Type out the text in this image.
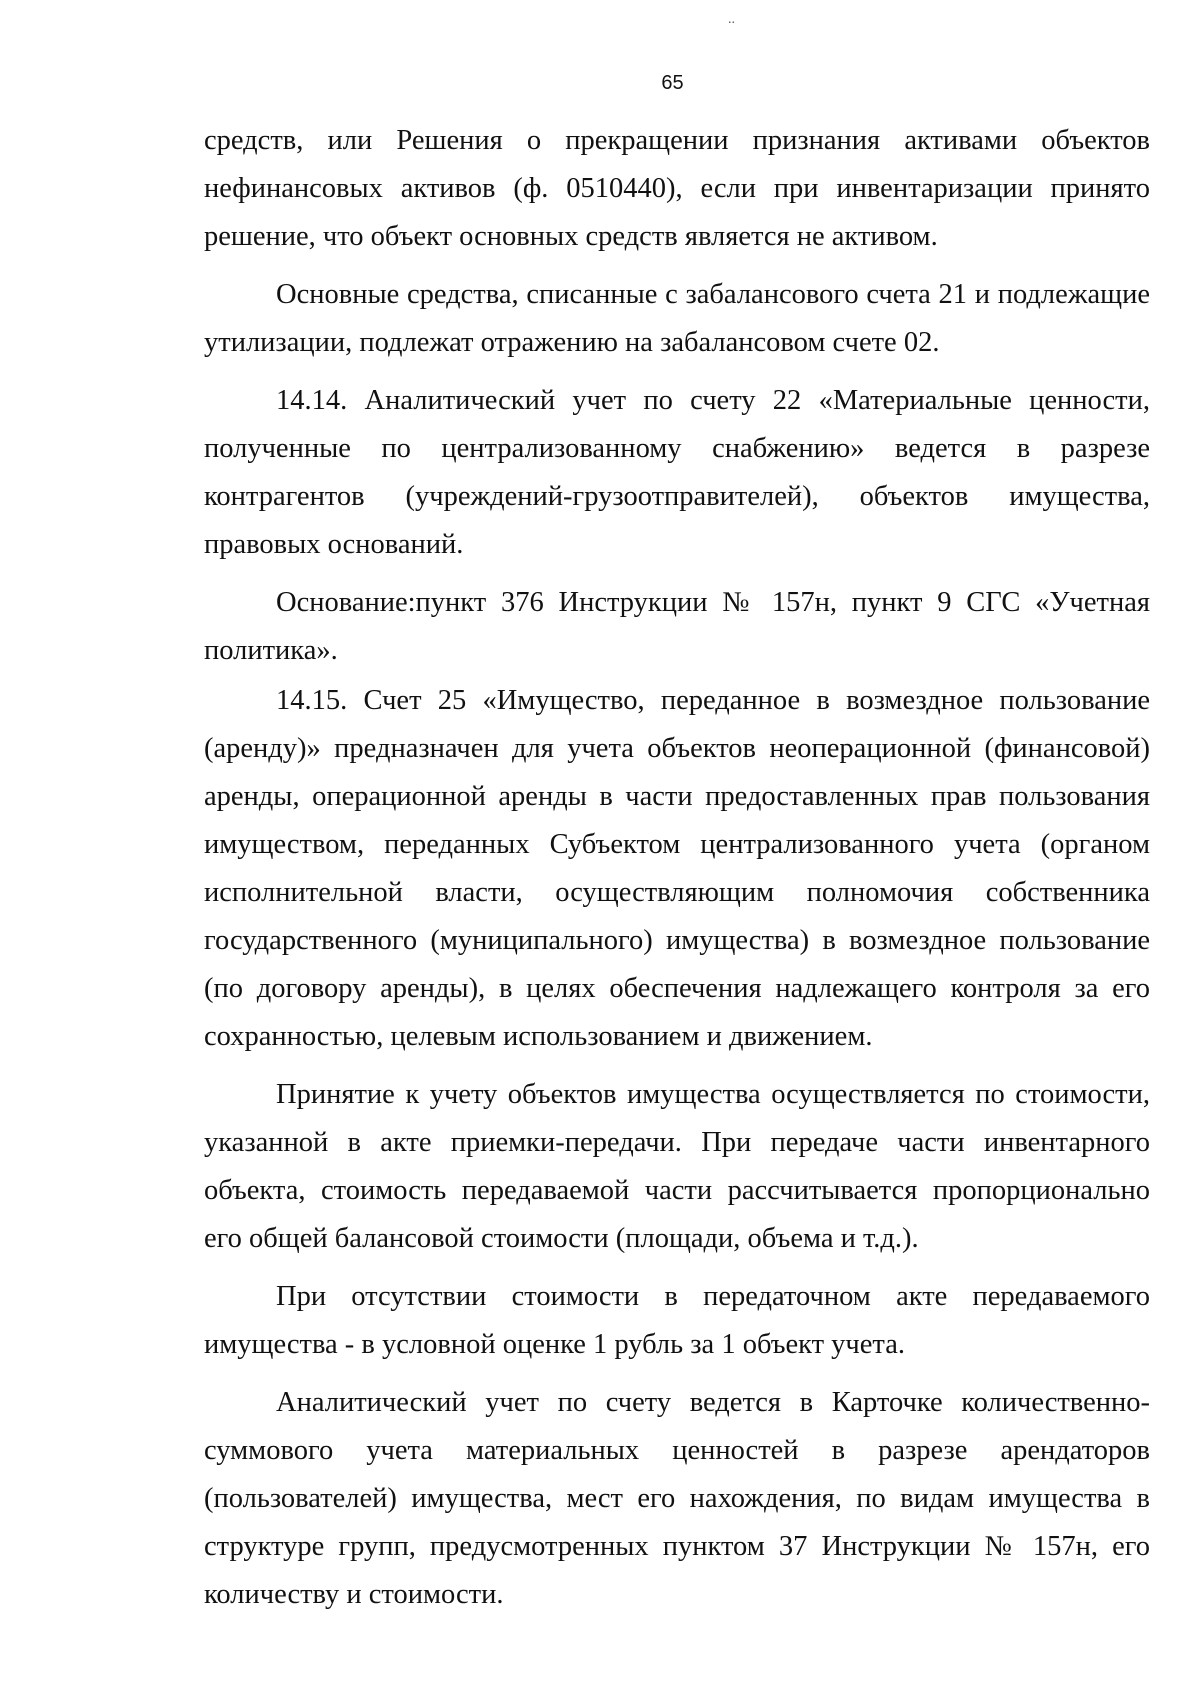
..
65

средств, или Решения о прекращении признания активами объектов нефинансовых активов (ф. 0510440), если при инвентаризации принято решение, что объект основных средств является не активом.

Основные средства, списанные с забалансового счета 21 и подлежащие утилизации, подлежат отражению на забалансовом счете 02.

14.14. Аналитический учет по счету 22 «Материальные ценности, полученные по централизованному снабжению» ведется в разрезе контрагентов (учреждений-грузоотправителей), объектов имущества, правовых оснований.

Основание:пункт 376 Инструкции № 157н, пункт 9 СГС «Учетная политика».

14.15. Счет 25 «Имущество, переданное в возмездное пользование (аренду)» предназначен для учета объектов неоперационной (финансовой) аренды, операционной аренды в части предоставленных прав пользования имуществом, переданных Субъектом централизованного учета (органом исполнительной власти, осуществляющим полномочия собственника государственного (муниципального) имущества) в возмездное пользование (по договору аренды), в целях обеспечения надлежащего контроля за его сохранностью, целевым использованием и движением.

Принятие к учету объектов имущества осуществляется по стоимости, указанной в акте приемки-передачи. При передаче части инвентарного объекта, стоимость передаваемой части рассчитывается пропорционально его общей балансовой стоимости (площади, объема и т.д.).

При отсутствии стоимости в передаточном акте передаваемого имущества - в условной оценке 1 рубль за 1 объект учета.

Аналитический учет по счету ведется в Карточке количественно-суммового учета материальных ценностей в разрезе арендаторов (пользователей) имущества, мест его нахождения, по видам имущества в структуре групп, предусмотренных пунктом 37 Инструкции № 157н, его количеству и стоимости.
